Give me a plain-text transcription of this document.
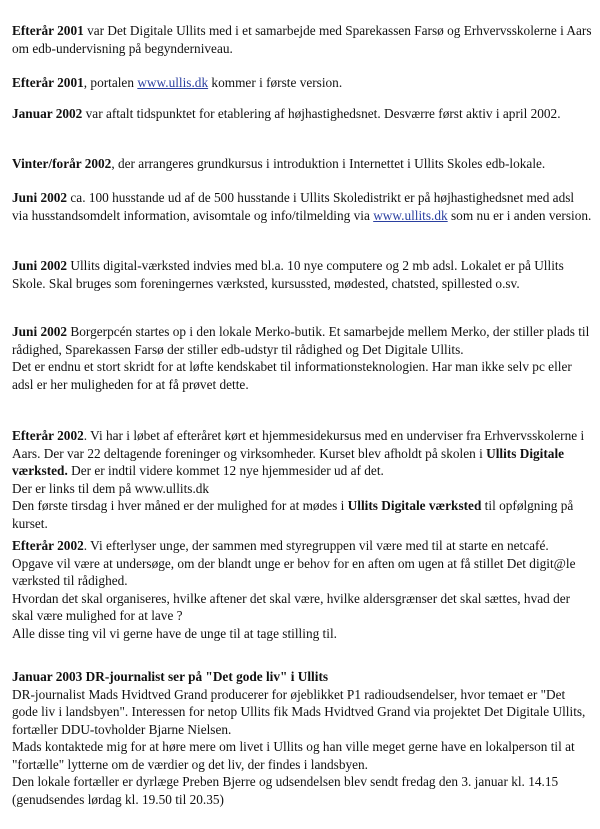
Efterår 2001 var Det Digitale Ullits med i et samarbejde med Sparekassen Farsø og Erhvervsskolerne i Aars om edb-undervisning på begynderniveau.

Efterår 2001, portalen www.ullis.dk kommer i første version.

Januar 2002 var aftalt tidspunktet for etablering af højhastighedsnet. Desværre først aktiv i april 2002.

Vinter/forår 2002, der arrangeres grundkursus i introduktion i Internettet i Ullits Skoles edb-lokale.

Juni 2002 ca. 100 husstande ud af de 500 husstande i Ullits Skoledistrikt er på højhastighedsnet med adsl via husstandsomdelt information, avisomtale og info/tilmelding via www.ullits.dk som nu er i anden version.

Juni 2002 Ullits digital-værksted indvies med bl.a. 10 nye computere og 2 mb adsl. Lokalet er på Ullits Skole. Skal bruges som foreningernes værksted, kursussted, mødested, chatsted, spillested o.sv.

Juni 2002 Borgerpcén startes op i den lokale Merko-butik. Et samarbejde mellem Merko, der stiller plads til rådighed, Sparekassen Farsø der stiller edb-udstyr til rådighed og Det Digitale Ullits.
Det er endnu et stort skridt for at løfte kendskabet til informationsteknologien. Har man ikke selv pc eller adsl er her muligheden for at få prøvet dette.
Efterår 2002. Vi har i løbet af efteråret kørt et hjemmesidekursus med en underviser fra Erhvervsskolerne i Aars. Der var 22 deltagende foreninger og virksomheder. Kurset blev afholdt på skolen i Ullits Digitale værksted. Der er indtil videre kommet 12 nye hjemmesider ud af det.
Der er links til dem på www.ullits.dk
Den første tirsdag i hver måned er der mulighed for at mødes i Ullits Digitale værksted til opfølgning på kurset.
Efterår 2002. Vi efterlyser unge, der sammen med styregruppen vil være med til at starte en netcafé.
Opgave vil være at undersøge, om der blandt unge er behov for en aften om ugen at få stillet Det digit@le værksted til rådighed.
Hvordan det skal organiseres, hvilke aftener det skal være, hvilke aldersgrænser det skal sættes, hvad der skal være mulighed for at lave ?
Alle disse ting vil vi gerne have de unge til at tage stilling til.
Januar 2003 DR-journalist ser på "Det gode liv" i Ullits
DR-journalist Mads Hvidtved Grand producerer for øjeblikket P1 radioudsendelser, hvor temaet er "Det gode liv i landsbyen". Interessen for netop Ullits fik Mads Hvidtved Grand via projektet Det Digitale Ullits, fortæller DDU-tovholder Bjarne Nielsen.
Mads kontaktede mig for at høre mere om livet i Ullits og han ville meget gerne have en lokalperson til at "fortælle" lytterne om de værdier og det liv, der findes i landsbyen.
Den lokale fortæller er dyrlæge Preben Bjerre og udsendelsen blev sendt fredag den 3. januar kl. 14.15 (genudsendes lørdag kl. 19.50 til 20.35)
